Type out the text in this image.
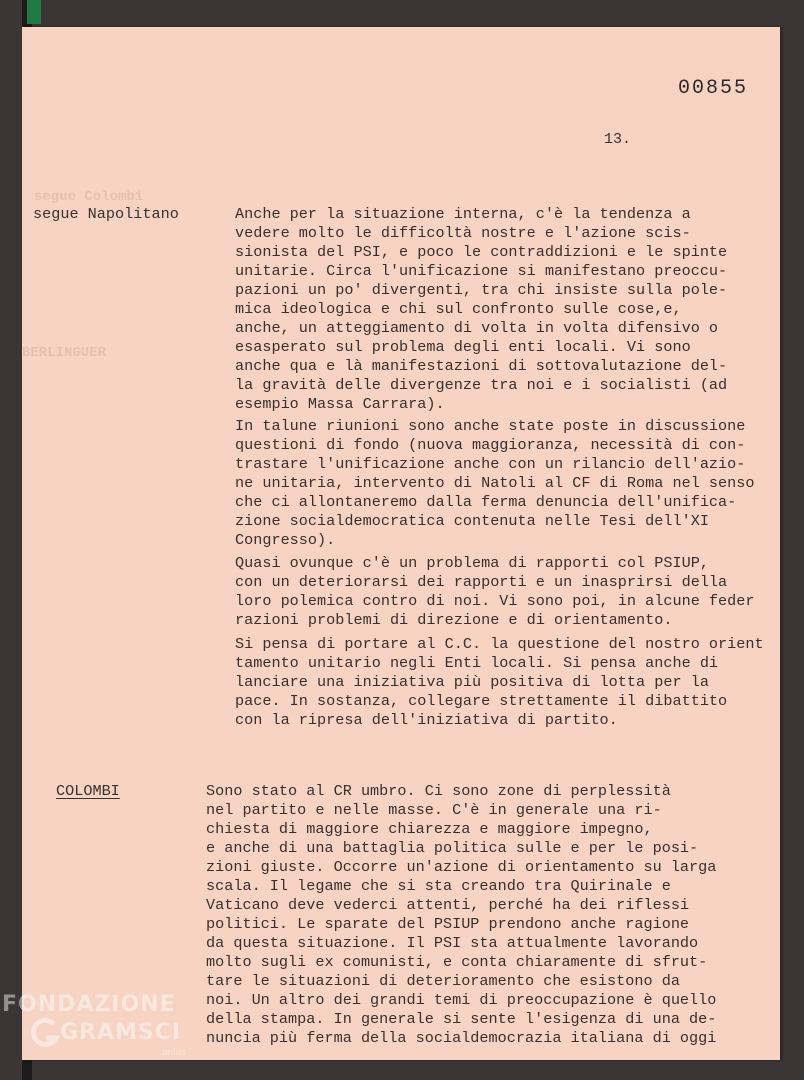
segue Colombi
BERLINGUER
00855
13.
segue Napolitano	Anche per la situazione interna, c'è la tendenza a
vedere molto le difficoltà nostre e l'azione scis-
sionista del PSI, e poco le contraddizioni e le spinte
unitarie. Circa l'unificazione si manifestano preoccu-
pazioni un po' divergenti, tra chi insiste sulla pole-
mica ideologica e chi sul confronto sulle cose,e,
anche, un atteggiamento di volta in volta difensivo o
esasperato sul problema degli enti locali. Vi sono
anche qua e là manifestazioni di sottovalutazione del-
la gravità delle divergenze tra noi e i socialisti (ad
esempio Massa Carrara).
In talune riunioni sono anche state poste in discussione
questioni di fondo (nuova maggioranza, necessità di con-
trastare l'unificazione anche con un rilancio dell'azio-
ne unitaria, intervento di Natoli al CF di Roma nel senso
che ci allontaneremo dalla ferma denuncia dell'unifica-
zione socialdemocratica contenuta nelle Tesi dell'XI
Congresso).
Quasi ovunque c'è un problema di rapporti col PSIUP,
con un deteriorarsi dei rapporti e un inasprirsi della
loro polemica contro di noi. Vi sono poi, in alcune feder
razioni problemi di direzione e di orientamento.
Si pensa di portare al C.C. la questione del nostro orient
tamento unitario negli Enti locali. Si pensa anche di
lanciare una iniziativa più positiva di lotta per la
pace. In sostanza, collegare strettamente il dibattito
con la ripresa dell'iniziativa di partito.
COLOMBI	Sono stato al CR umbro. Ci sono zone di perplessità
nel partito e nelle masse. C'è in generale una ri-
chiesta di maggiore chiarezza e maggiore impegno,
e anche di una battaglia politica sulle e per le posi-
zioni giuste. Occorre un'azione di orientamento su larga
scala. Il legame che si sta creando tra Quirinale e
Vaticano deve vederci attenti, perché ha dei riflessi
politici. Le sparate del PSIUP prendono anche ragione
da questa situazione. Il PSI sta attualmente lavorando
molto sugli ex comunisti, e conta chiaramente di sfrut-
tare le situazioni di deterioramento che esistono da
noi. Un altro dei grandi temi di preoccupazione è quello
della stampa. In generale si sente l'esigenza di una de-
nuncia più ferma della socialdemocrazia italiana di oggi
FONDAZIONE
GRAMSCI
onlus
